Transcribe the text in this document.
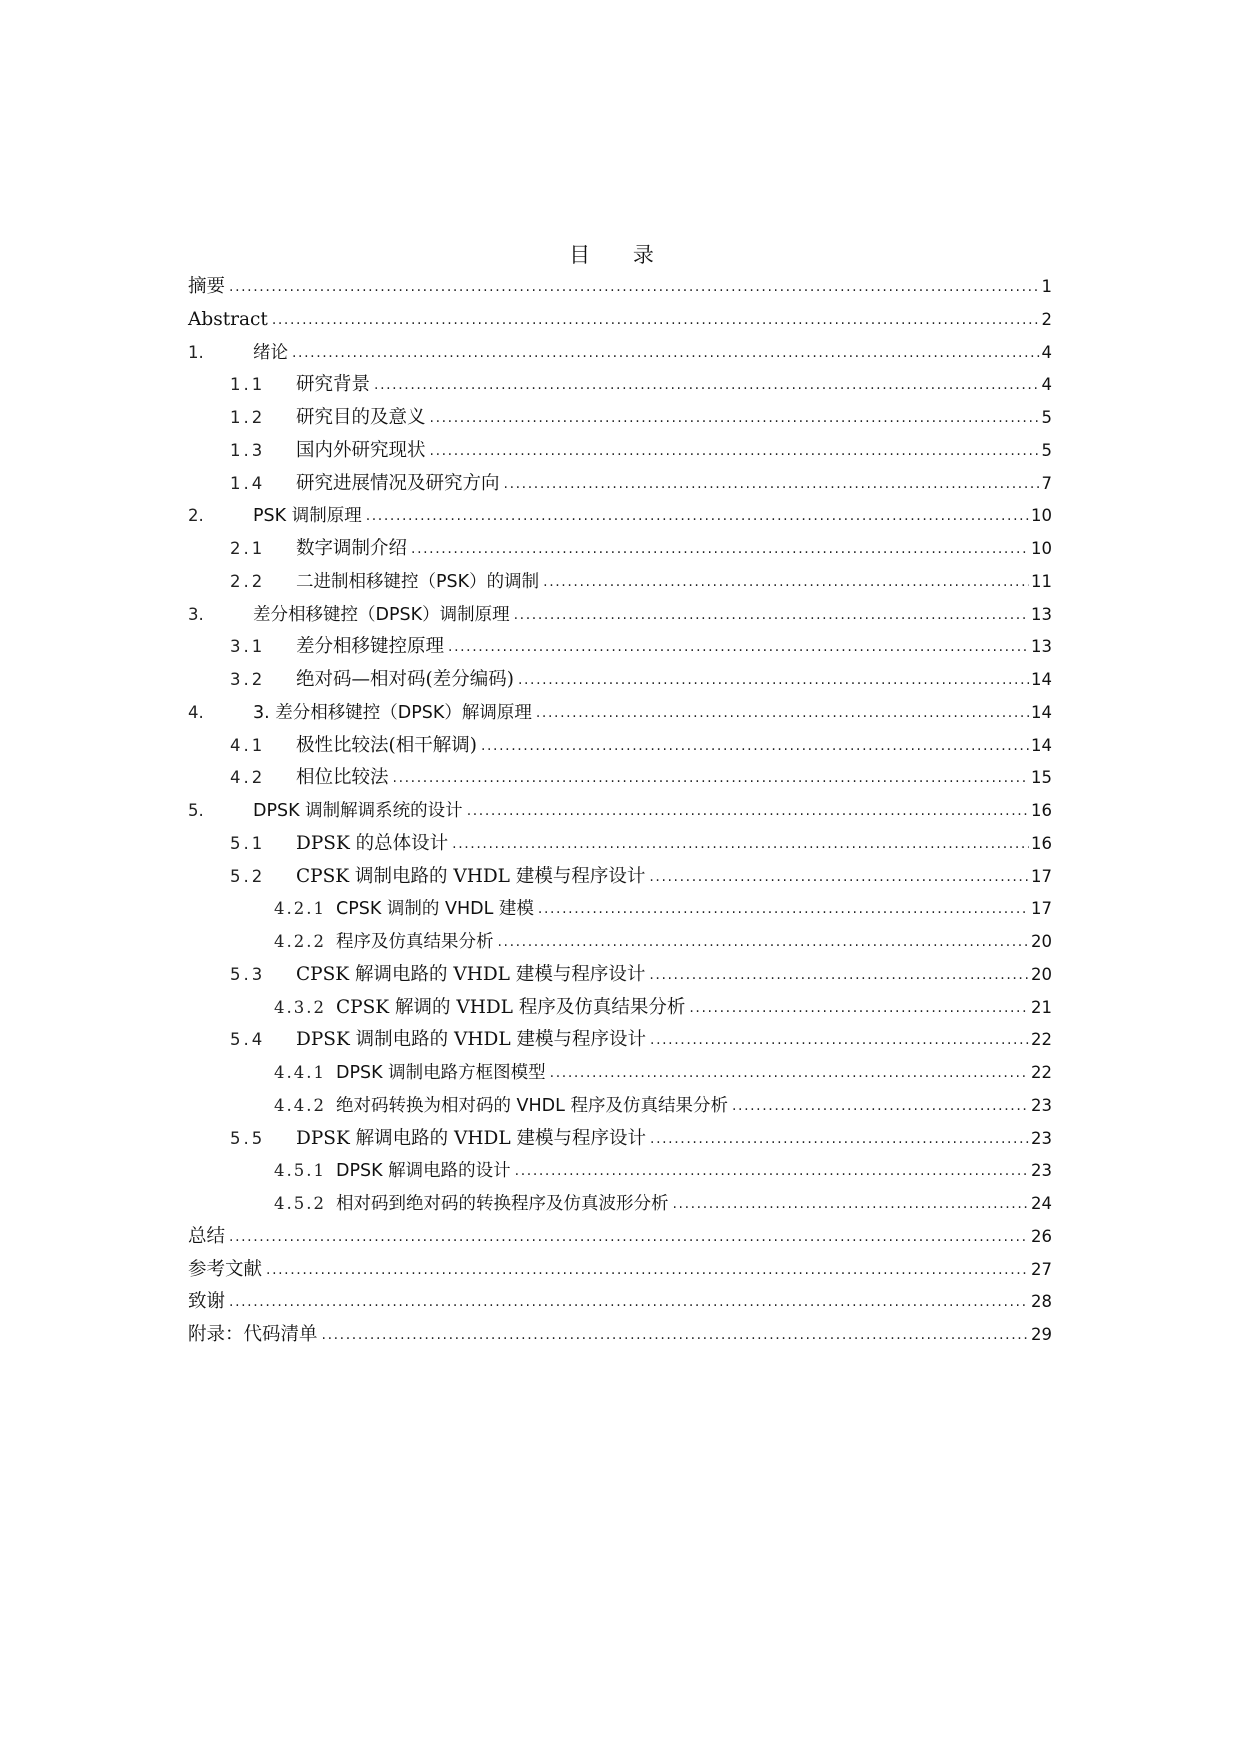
目 录
摘要 .....	1
Abstract .....	2
1.	绪论 .....	4
1.1	研究背景 .....	4
1.2	研究目的及意义 .....	5
1.3	国内外研究现状 .....	5
1.4	研究进展情况及研究方向 .....	7
2.	PSK 调制原理 .....	10
2.1	数字调制介绍 .....	10
2.2	二进制相移键控（PSK）的调制 .....	11
3.	差分相移键控（DPSK）调制原理 .....	13
3.1	差分相移键控原理 .....	13
3.2	绝对码—相对码(差分编码) .....	14
4.	3. 差分相移键控（DPSK）解调原理 .....	14
4.1	极性比较法(相干解调) .....	14
4.2	相位比较法 .....	15
5.	DPSK 调制解调系统的设计 .....	16
5.1	DPSK 的总体设计 .....	16
5.2	CPSK 调制电路的 VHDL 建模与程序设计 .....	17
4.2.1 CPSK 调制的 VHDL 建模 .....	17
4.2.2 程序及仿真结果分析 .....	20
5.3	CPSK 解调电路的 VHDL 建模与程序设计 .....	20
4.3.2 CPSK 解调的 VHDL 程序及仿真结果分析 .....	21
5.4	DPSK 调制电路的 VHDL 建模与程序设计 .....	22
4.4.1 DPSK 调制电路方框图模型 .....	22
4.4.2 绝对码转换为相对码的 VHDL 程序及仿真结果分析 .....	23
5.5	DPSK 解调电路的 VHDL 建模与程序设计 .....	23
4.5.1 DPSK 解调电路的设计 .....	23
4.5.2 相对码到绝对码的转换程序及仿真波形分析 .....	24
总结 .....	26
参考文献 .....	27
致谢 .....	28
附录：代码清单 .....	29
